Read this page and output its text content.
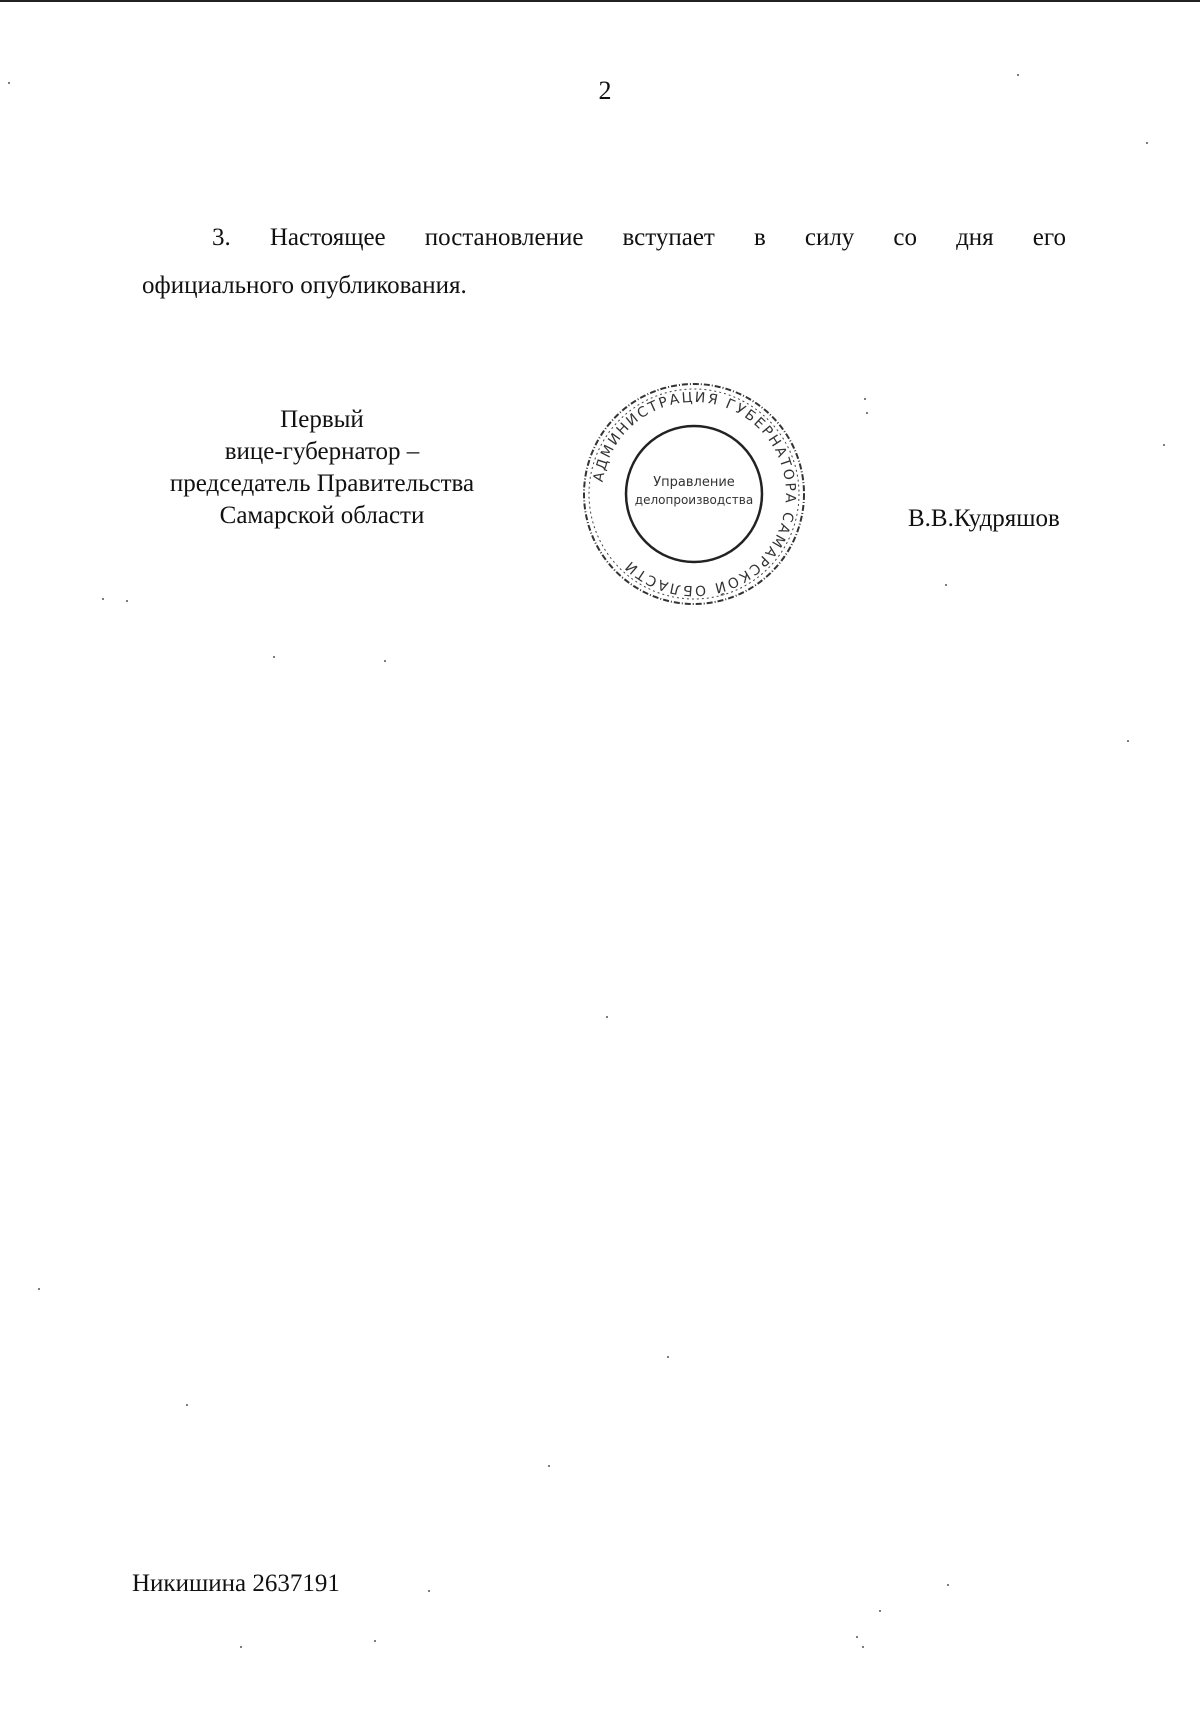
2
3. Настоящее постановление вступает в силу со дня его
официального опубликования.
Первый
вице-губернатор –
председатель Правительства
Самарской области
АДМИНИСТРАЦИЯ ГУБЕРНАТОРА САМАРСКОЙ ОБЛАСТИ
Управление
делопроизводства
В.В.Кудряшов
Никишина 2637191
